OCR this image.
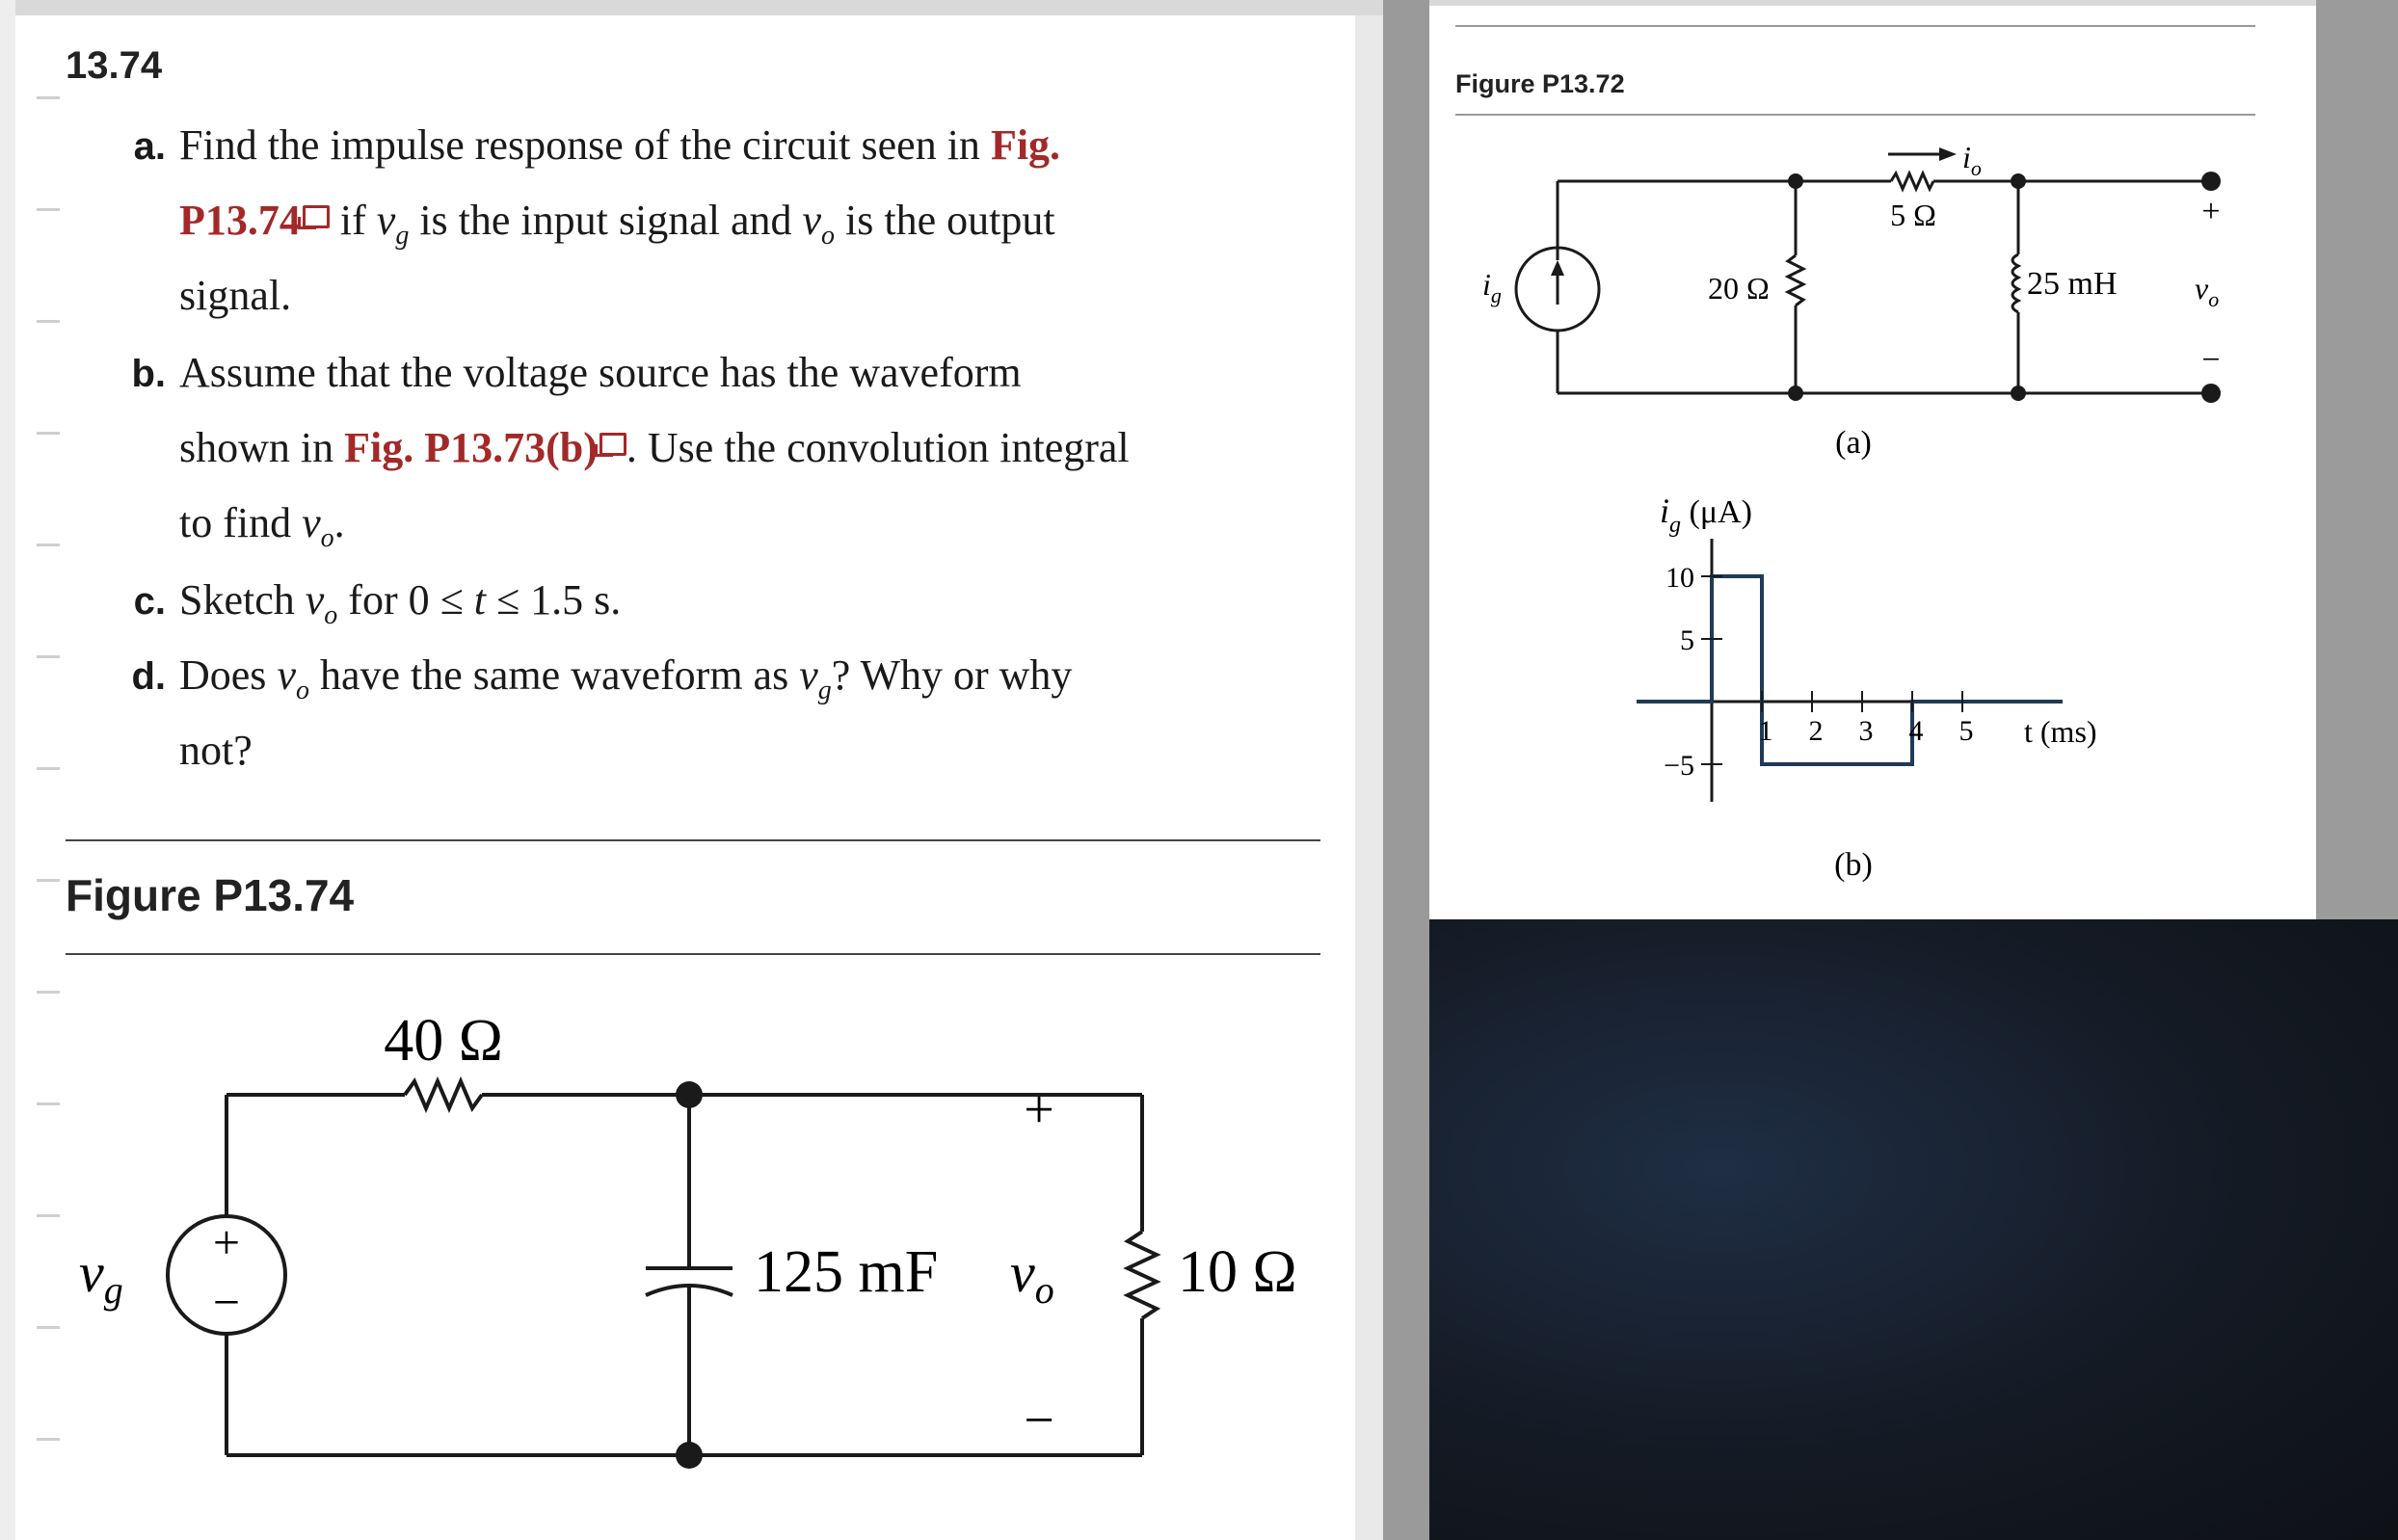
13.74
a. Find the impulse response of the circuit seen in Fig.
P13.74 if $v_g$ is the input signal and $v_o$ is the output
signal.
b. Assume that the voltage source has the waveform
shown in Fig. P13.73(b) . Use the convolution integral
to find $v_o$.
c. Sketch $v_o$ for 0 ≤ t ≤ 1.5 s.
d. Does $v_o$ have the same waveform as $v_g$? Why or why
not?
Figure P13.74
+
−
$v_g$
40 Ω
125 mF
+
$v_o$
−
10 Ω
Figure P13.72
$i_o$
5 Ω
$i_g$	20 Ω	25 mH
+
$v_o$
−
(a)
1 2 3 4 5
10
5
−5
$i_g$ (μA)
t (ms)
(b)
